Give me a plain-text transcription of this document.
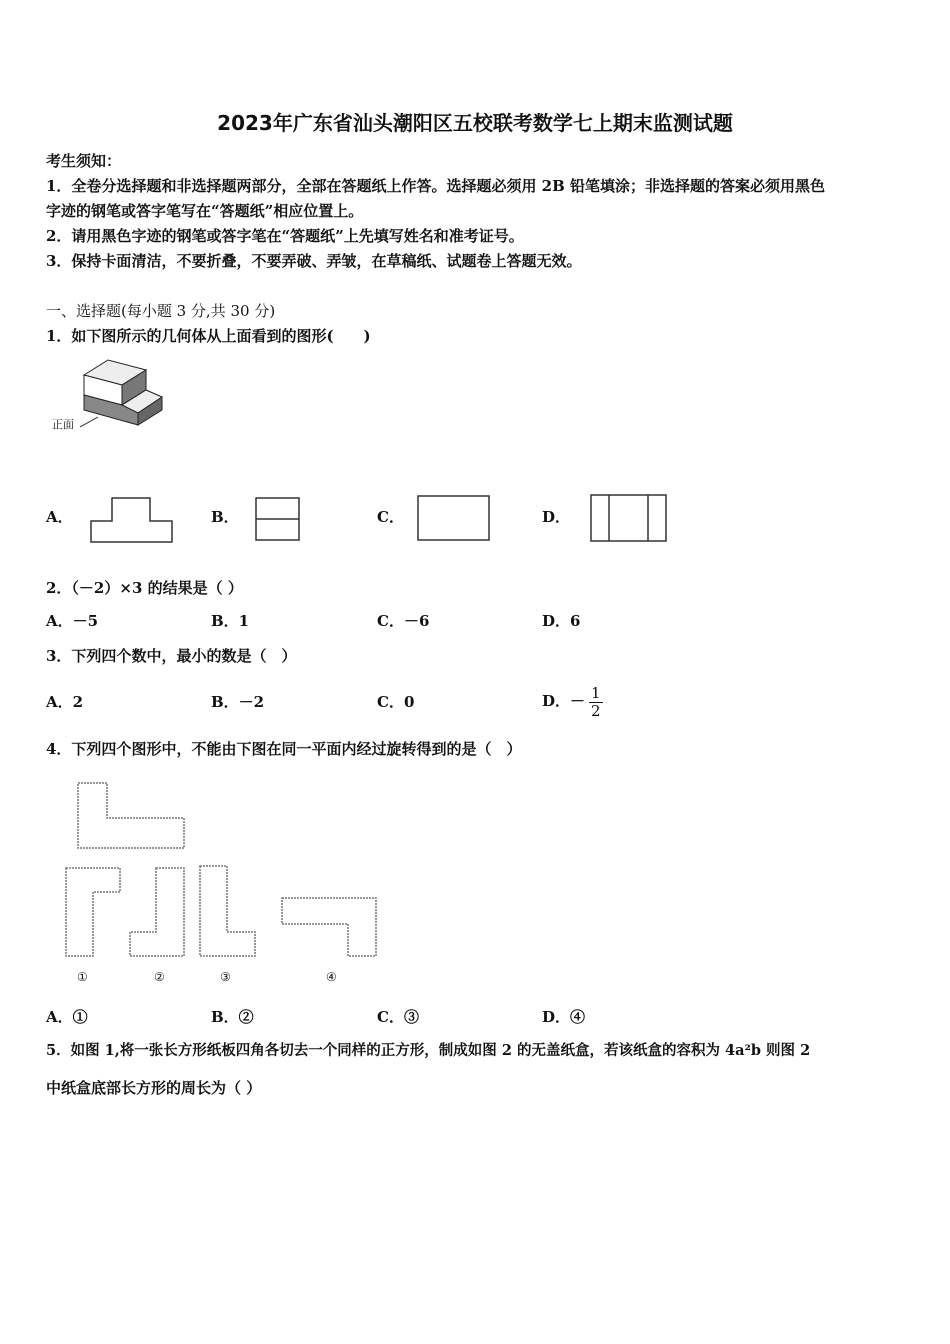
2023年广东省汕头潮阳区五校联考数学七上期末监测试题
考生须知：
1．全卷分选择题和非选择题两部分，全部在答题纸上作答。选择题必须用 2B 铅笔填涂；非选择题的答案必须用黑色
字迹的钢笔或答字笔写在“答题纸”相应位置上。
2．请用黑色字迹的钢笔或答字笔在“答题纸”上先填写姓名和准考证号。
3．保持卡面清洁，不要折叠，不要弄破、弄皱，在草稿纸、试题卷上答题无效。
一、选择题(每小题 3 分,共 30 分)
1．如下图所示的几何体从上面看到的图形(　　)
正面
A．	B．	C．	D．
2．（－2）×3 的结果是（ ）
A．－5	B．1	C．－6	D．6
3．下列四个数中，最小的数是（　）
A．2	B．－2	C．0	D．－ $\frac{1}{2}$
4．下列四个图形中，不能由下图在同一平面内经过旋转得到的是（　）
①	②	③	④
A．①	B．②	C．③	D．④
5．如图 1,将一张长方形纸板四角各切去一个同样的正方形，制成如图 2 的无盖纸盒，若该纸盒的容积为 4a²b 则图 2
中纸盒底部长方形的周长为（ ）
